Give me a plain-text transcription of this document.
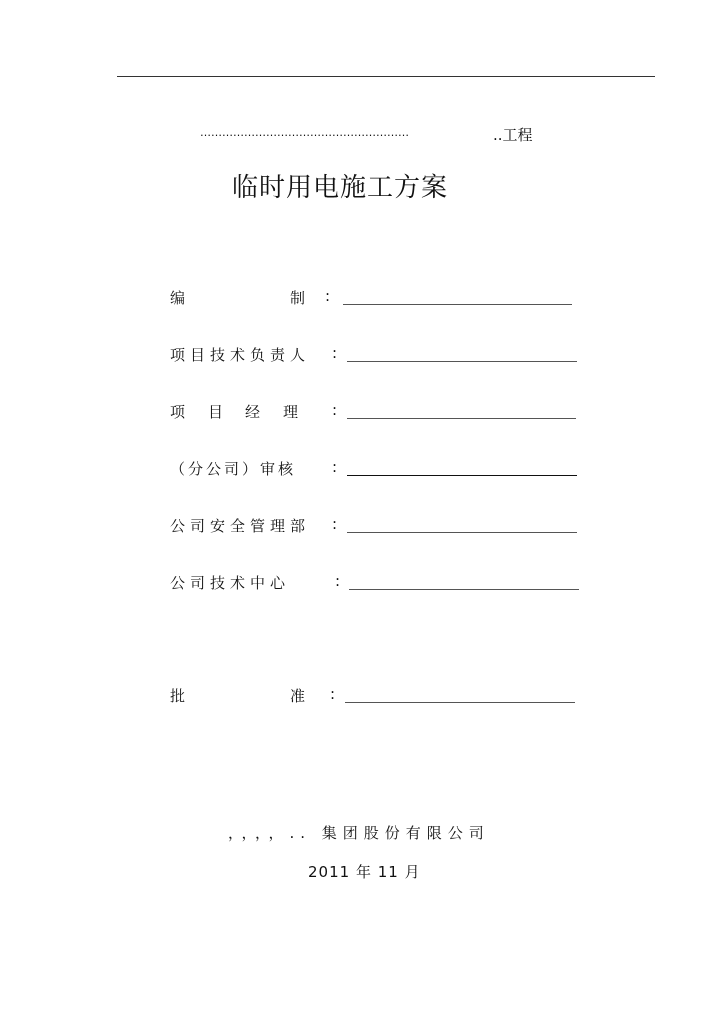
…………………………………………………	..工程
临时用电施工方案
编	制 :
项目技术负责人 :
项 目 经 理 :
（分公司）审核 :
公司安全管理部 :
公司技术中心	:
批	准 :
，，，，.. 集团股份有限公司
2011 年 11 月
